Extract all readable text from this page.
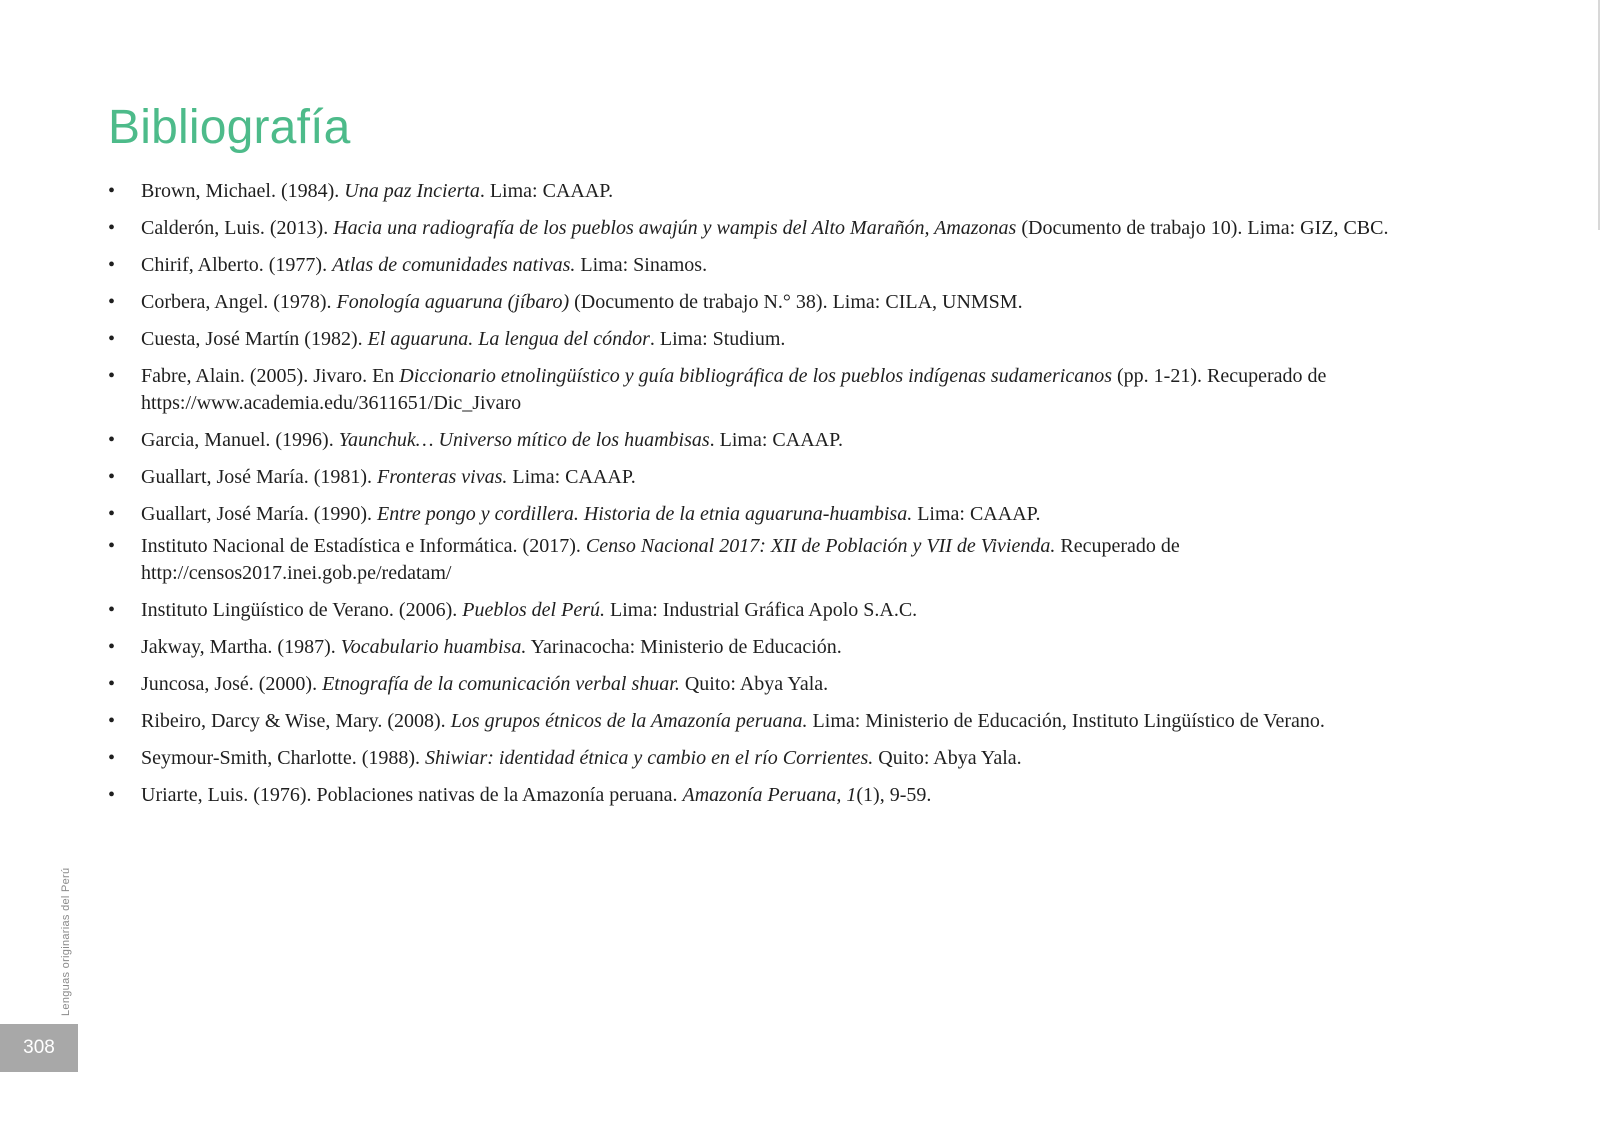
Bibliografía
• Brown, Michael. (1984). Una paz Incierta. Lima: CAAAP.
• Calderón, Luis. (2013). Hacia una radiografía de los pueblos awajún y wampis del Alto Marañón, Amazonas (Documento de trabajo 10). Lima: GIZ, CBC.
• Chirif, Alberto. (1977). Atlas de comunidades nativas. Lima: Sinamos.
• Corbera, Angel. (1978). Fonología aguaruna (jíbaro) (Documento de trabajo N.° 38). Lima: CILA, UNMSM.
• Cuesta, José Martín (1982). El aguaruna. La lengua del cóndor. Lima: Studium.
• Fabre, Alain. (2005). Jivaro. En Diccionario etnolingüístico y guía bibliográfica de los pueblos indígenas sudamericanos (pp. 1-21). Recuperado de https://www.academia.edu/3611651/Dic_Jivaro
• Garcia, Manuel. (1996). Yaunchuk… Universo mítico de los huambisas. Lima: CAAAP.
• Guallart, José María. (1981). Fronteras vivas. Lima: CAAAP.
• Guallart, José María. (1990). Entre pongo y cordillera. Historia de la etnia aguaruna-huambisa. Lima: CAAAP.
• Instituto Nacional de Estadística e Informática. (2017). Censo Nacional 2017: XII de Población y VII de Vivienda. Recuperado de http://censos2017.inei.gob.pe/redatam/
• Instituto Lingüístico de Verano. (2006). Pueblos del Perú. Lima: Industrial Gráfica Apolo S.A.C.
• Jakway, Martha. (1987). Vocabulario huambisa. Yarinacocha: Ministerio de Educación.
• Juncosa, José. (2000). Etnografía de la comunicación verbal shuar. Quito: Abya Yala.
• Ribeiro, Darcy & Wise, Mary. (2008). Los grupos étnicos de la Amazonía peruana. Lima: Ministerio de Educación, Instituto Lingüístico de Verano.
• Seymour-Smith, Charlotte. (1988). Shiwiar: identidad étnica y cambio en el río Corrientes. Quito: Abya Yala.
• Uriarte, Luis. (1976). Poblaciones nativas de la Amazonía peruana. Amazonía Peruana, 1(1), 9-59.
Lenguas originarias del Perú
308
